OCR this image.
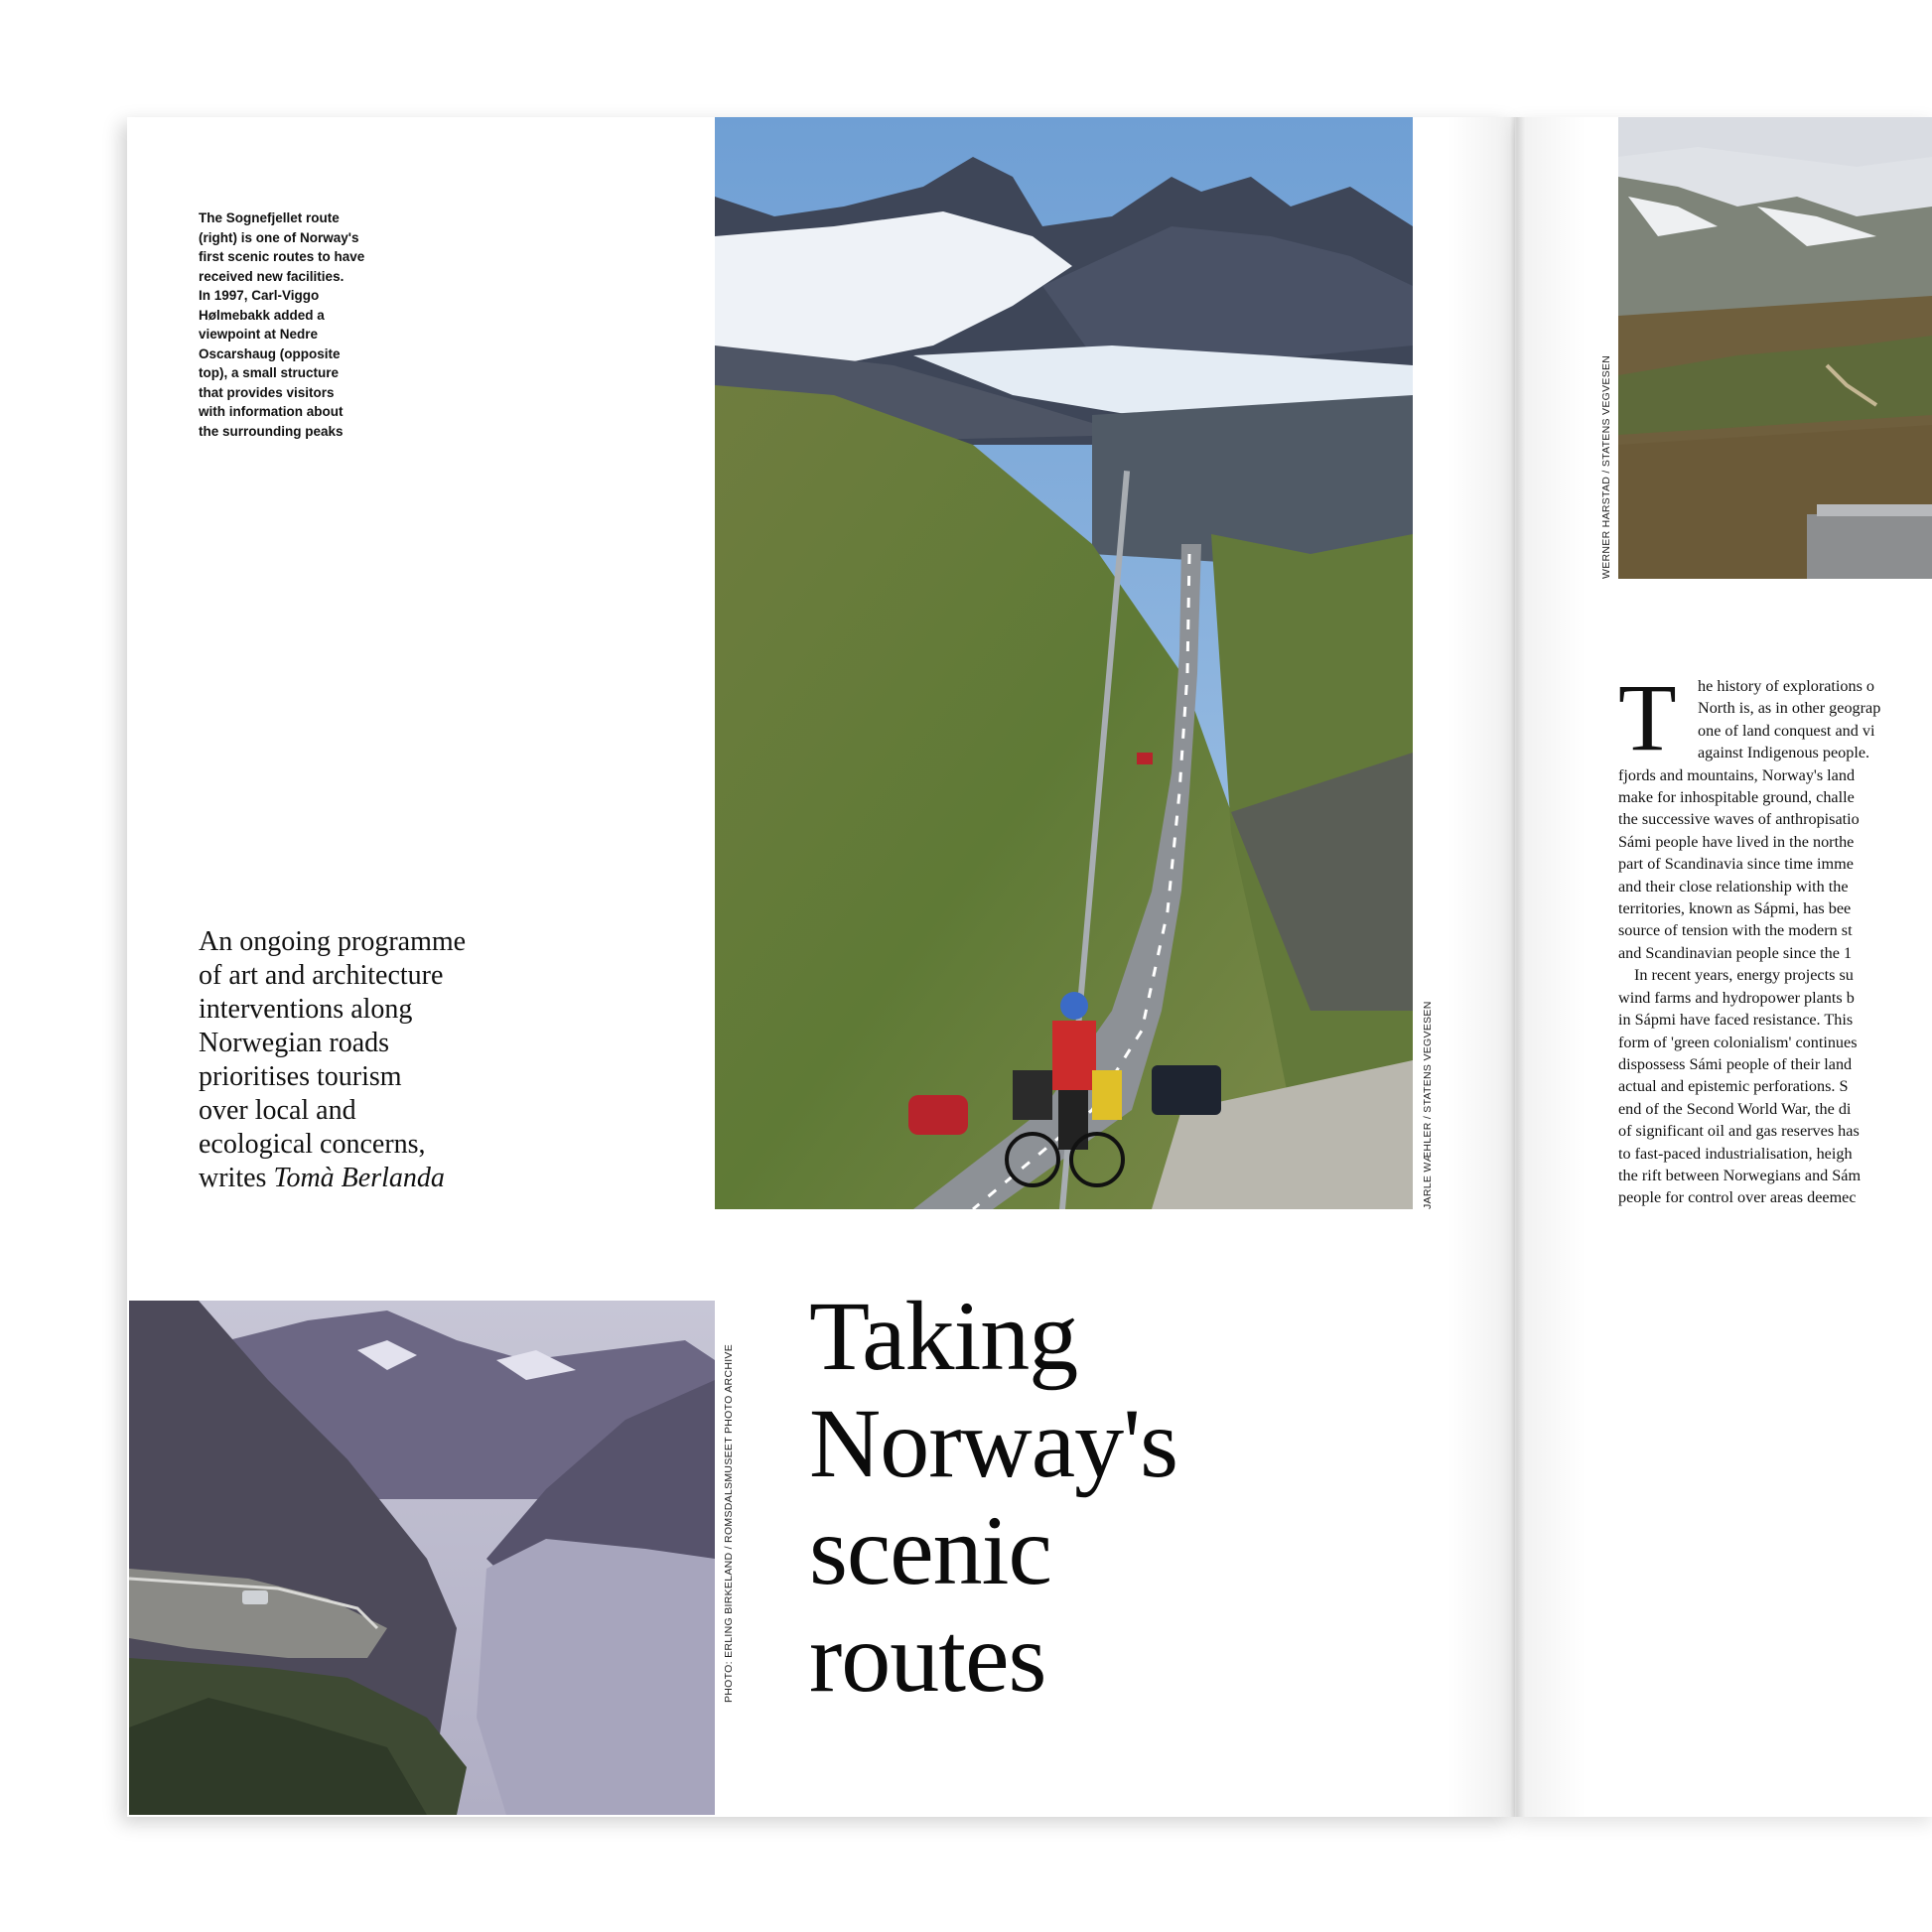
The Sognefjellet route
(right) is one of Norway's
first scenic routes to have
received new facilities.
In 1997, Carl-Viggo
Hølmebakk added a
viewpoint at Nedre
Oscarshaug (opposite
top), a small structure
that provides visitors
with information about
the surrounding peaks
JARLE WÆHLER / STATENS VEGVESEN
An ongoing programme
of art and architecture
interventions along
Norwegian roads
prioritises tourism
over local and
ecological concerns,
writes Tomà Berlanda
PHOTO: ERLING BIRKELAND / ROMSDALSMUSEET PHOTO ARCHIVE
Taking
Norway's
scenic
routes
WERNER HARSTAD / STATENS VEGVESEN
T	he history of explorations o
North is, as in other geograp
one of land conquest and vi
against Indigenous people.
fjords and mountains, Norway's land
make for inhospitable ground, challe
the successive waves of anthropisatio
Sámi people have lived in the northe
part of Scandinavia since time imme
and their close relationship with the
territories, known as Sápmi, has bee
source of tension with the modern st
and Scandinavian people since the 1
In recent years, energy projects su
wind farms and hydropower plants b
in Sápmi have faced resistance. This
form of 'green colonialism' continues
dispossess Sámi people of their land
actual and epistemic perforations. S
end of the Second World War, the di
of significant oil and gas reserves has
to fast-paced industrialisation, heigh
the rift between Norwegians and Sám
people for control over areas deemec
